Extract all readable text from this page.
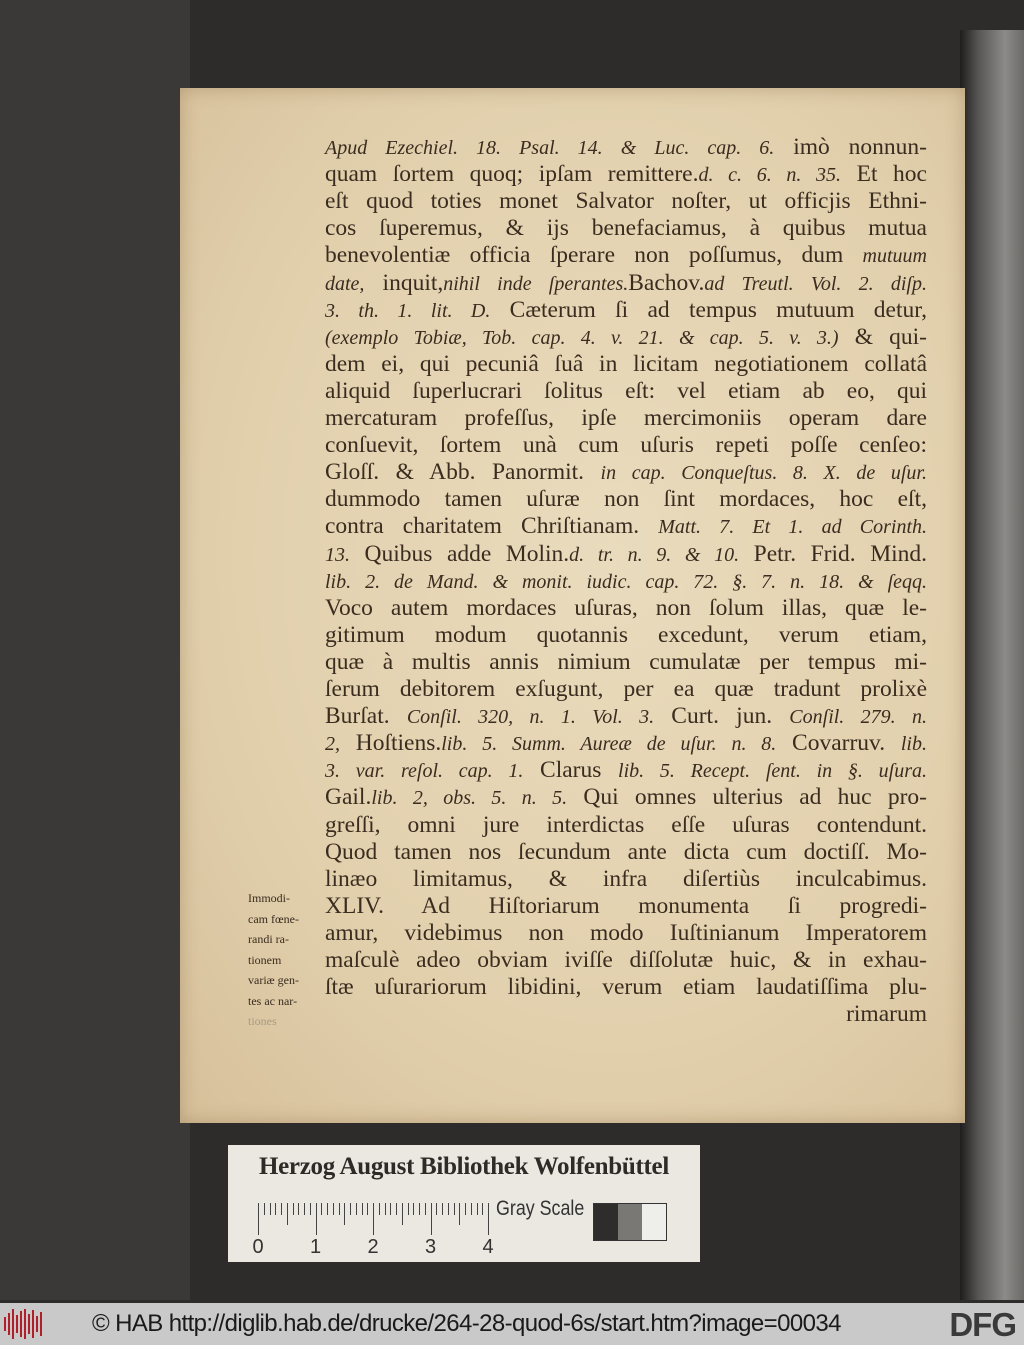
Apud Ezechiel. 18. Psal. 14. & Luc. cap. 6. imò nonnun-
quam ſortem quoq; ipſam remittere.d. c. 6. n. 35. Et hoc
eſt quod toties monet Salvator noſter, ut officjis Ethni-
cos ſuperemus, & ijs benefaciamus, à quibus mutua
benevolentiæ officia ſperare non poſſumus, dum mutuum
date, inquit,nihil inde ſperantes.Bachov.ad Treutl. Vol. 2. diſp.
3. th. 1. lit. D. Cæterum ſi ad tempus mutuum detur,
(exemplo Tobiæ, Tob. cap. 4. v. 21. & cap. 5. v. 3.) & qui-
dem ei, qui pecuniâ ſuâ in licitam negotiationem collatâ
aliquid ſuperlucrari ſolitus eſt: vel etiam ab eo, qui
mercaturam profeſſus, ipſe mercimoniis operam dare
conſuevit, ſortem unà cum uſuris repeti poſſe cenſeo:
Gloſſ. & Abb. Panormit. in cap. Conqueſtus. 8. X. de uſur.
dummodo tamen uſuræ non ſint mordaces, hoc eſt,
contra charitatem Chriſtianam. Matt. 7. Et 1. ad Corinth.
13. Quibus adde Molin.d. tr. n. 9. & 10. Petr. Frid. Mind.
lib. 2. de Mand. & monit. iudic. cap. 72. §. 7. n. 18. & ſeqq.
Voco autem mordaces uſuras, non ſolum illas, quæ le-
gitimum modum quotannis excedunt, verum etiam,
quæ à multis annis nimium cumulatæ per tempus mi-
ſerum debitorem exſugunt, per ea quæ tradunt prolixè
Burſat. Conſil. 320, n. 1. Vol. 3. Curt. jun. Conſil. 279. n.
2, Hoſtiens.lib. 5. Summ. Aureæ de uſur. n. 8. Covarruv. lib.
3. var. reſol. cap. 1. Clarus lib. 5. Recept. ſent. in §. uſura.
Gail.lib. 2, obs. 5. n. 5. Qui omnes ulterius ad huc pro-
greſſi, omni jure interdictas eſſe uſuras contendunt.
Quod tamen nos ſecundum ante dicta cum doctiſſ. Mo-
linæo limitamus, & infra diſertiùs inculcabimus.
XLIV. Ad Hiſtoriarum monumenta ſi progredi-
amur, videbimus non modo Iuſtinianum Imperatorem
maſculè adeo obviam iviſſe diſſolutæ huic, & in exhau-
ſtæ uſurariorum libidini, verum etiam laudatiſſima plu-
rimarum
Immodi-
cam fœne-
randi ra-
tionem
variæ gen-
tes ac nar-
tiones
Herzog August Bibliothek Wolfenbüttel
0 1 2 3 4
Gray Scale
© HAB http://diglib.hab.de/drucke/264-28-quod-6s/start.htm?image=00034	DFG
